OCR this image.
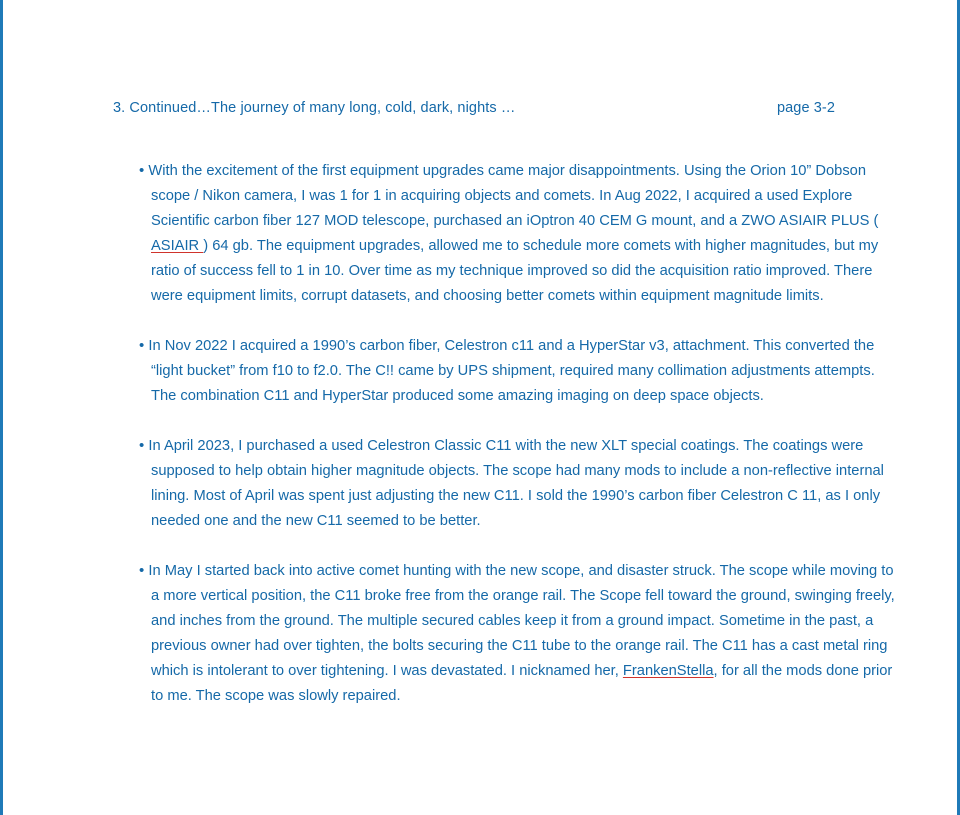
3. Continued…The journey of many long, cold, dark, nights …	page 3-2

• With the excitement of the first equipment upgrades came major disappointments. Using the Orion 10” Dobson scope / Nikon camera, I was 1 for 1 in acquiring objects and comets. In Aug 2022, I acquired a used Explore Scientific carbon fiber 127 MOD telescope, purchased an iOptron 40 CEM G mount, and a ZWO ASIAIR PLUS ( ASIAIR ) 64 gb. The equipment upgrades, allowed me to schedule more comets with higher magnitudes, but my ratio of success fell to 1 in 10. Over time as my technique improved so did the acquisition ratio improved. There were equipment limits, corrupt datasets, and choosing better comets within equipment magnitude limits.

• In Nov 2022 I acquired a 1990’s carbon fiber, Celestron c11 and a HyperStar v3, attachment. This converted the “light bucket” from f10 to f2.0. The C!! came by UPS shipment, required many collimation adjustments attempts. The combination C11 and HyperStar produced some amazing imaging on deep space objects.

• In April 2023, I purchased a used Celestron Classic C11 with the new XLT special coatings. The coatings were supposed to help obtain higher magnitude objects. The scope had many mods to include a non-reflective internal lining. Most of April was spent just adjusting the new C11. I sold the 1990’s carbon fiber Celestron C 11, as I only needed one and the new C11 seemed to be better.

• In May I started back into active comet hunting with the new scope, and disaster struck. The scope while moving to a more vertical position, the C11 broke free from the orange rail. The Scope fell toward the ground, swinging freely, and inches from the ground. The multiple secured cables keep it from a ground impact. Sometime in the past, a previous owner had over tighten, the bolts securing the C11 tube to the orange rail. The C11 has a cast metal ring which is intolerant to over tightening. I was devastated. I nicknamed her, FrankenStella, for all the mods done prior to me. The scope was slowly repaired.
